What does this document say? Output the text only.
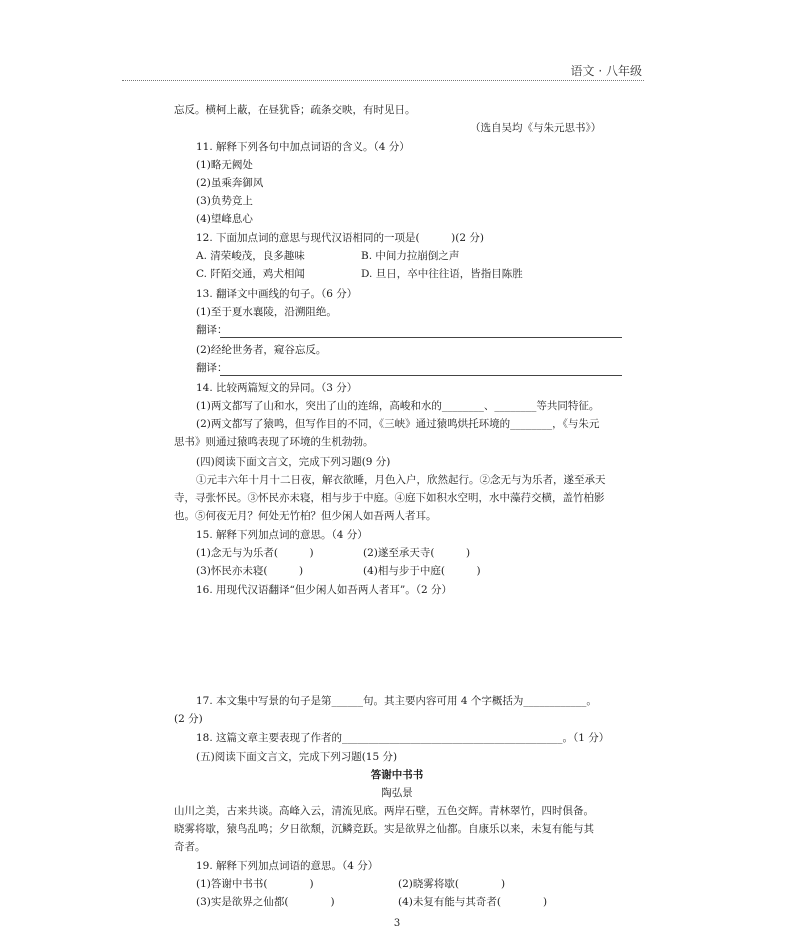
语文 · 八年级
忘反。横柯上蔽，在昼犹昏；疏条交映，有时见日。
（选自吴均《与朱元思书》）
11. 解释下列各句中加点词语的含义。（4 分）
(1)略无阙处
(2)虽乘奔御风
(3)负势竞上
(4)望峰息心
12. 下面加点词的意思与现代汉语相同的一项是(　　　)(2 分)
A. 清荣峻茂，良多趣味	B. 中间力拉崩倒之声
C. 阡陌交通，鸡犬相闻	D. 旦日，卒中往往语，皆指目陈胜
13. 翻译文中画线的句子。（6 分）
(1)至于夏水襄陵，沿溯阻绝。
翻译：
(2)经纶世务者，窥谷忘反。
翻译：
14. 比较两篇短文的异同。（3 分）
(1)两文都写了山和水，突出了山的连绵，高峻和水的________、________等共同特征。
(2)两文都写了猿鸣，但写作目的不同，《三峡》通过猿鸣烘托环境的________，《与朱元
思书》则通过猿鸣表现了环境的生机勃勃。
(四)阅读下面文言文，完成下列习题(9 分)
①元丰六年十月十二日夜，解衣欲睡，月色入户，欣然起行。②念无与为乐者，遂至承天
寺，寻张怀民。③怀民亦未寝，相与步于中庭。④庭下如积水空明，水中藻荇交横，盖竹柏影
也。⑤何夜无月？何处无竹柏？但少闲人如吾两人者耳。
15. 解释下列加点词的意思。（4 分）
(1)念无与为乐者(　　　)	(2)遂至承天寺(　　　)
(3)怀民亦未寝(　　　)	(4)相与步于中庭(　　　)
16. 用现代汉语翻译“但少闲人如吾两人者耳”。（2 分）
17. 本文集中写景的句子是第______句。其主要内容可用 4 个字概括为____________。
(2 分)
18. 这篇文章主要表现了作者的__________________________________________。（1 分）
(五)阅读下面文言文，完成下列习题(15 分)
答谢中书书
陶弘景
山川之美，古来共谈。高峰入云，清流见底。两岸石壁，五色交辉。青林翠竹，四时俱备。
晓雾将歇，猿鸟乱鸣；夕日欲颓，沉鳞竞跃。实是欲界之仙都。自康乐以来，未复有能与其
奇者。
19. 解释下列加点词语的意思。（4 分）
(1)答谢中书书(　　　　)	(2)晓雾将歇(　　　　)
(3)实是欲界之仙都(　　　　)	(4)未复有能与其奇者(　　　　)
3
